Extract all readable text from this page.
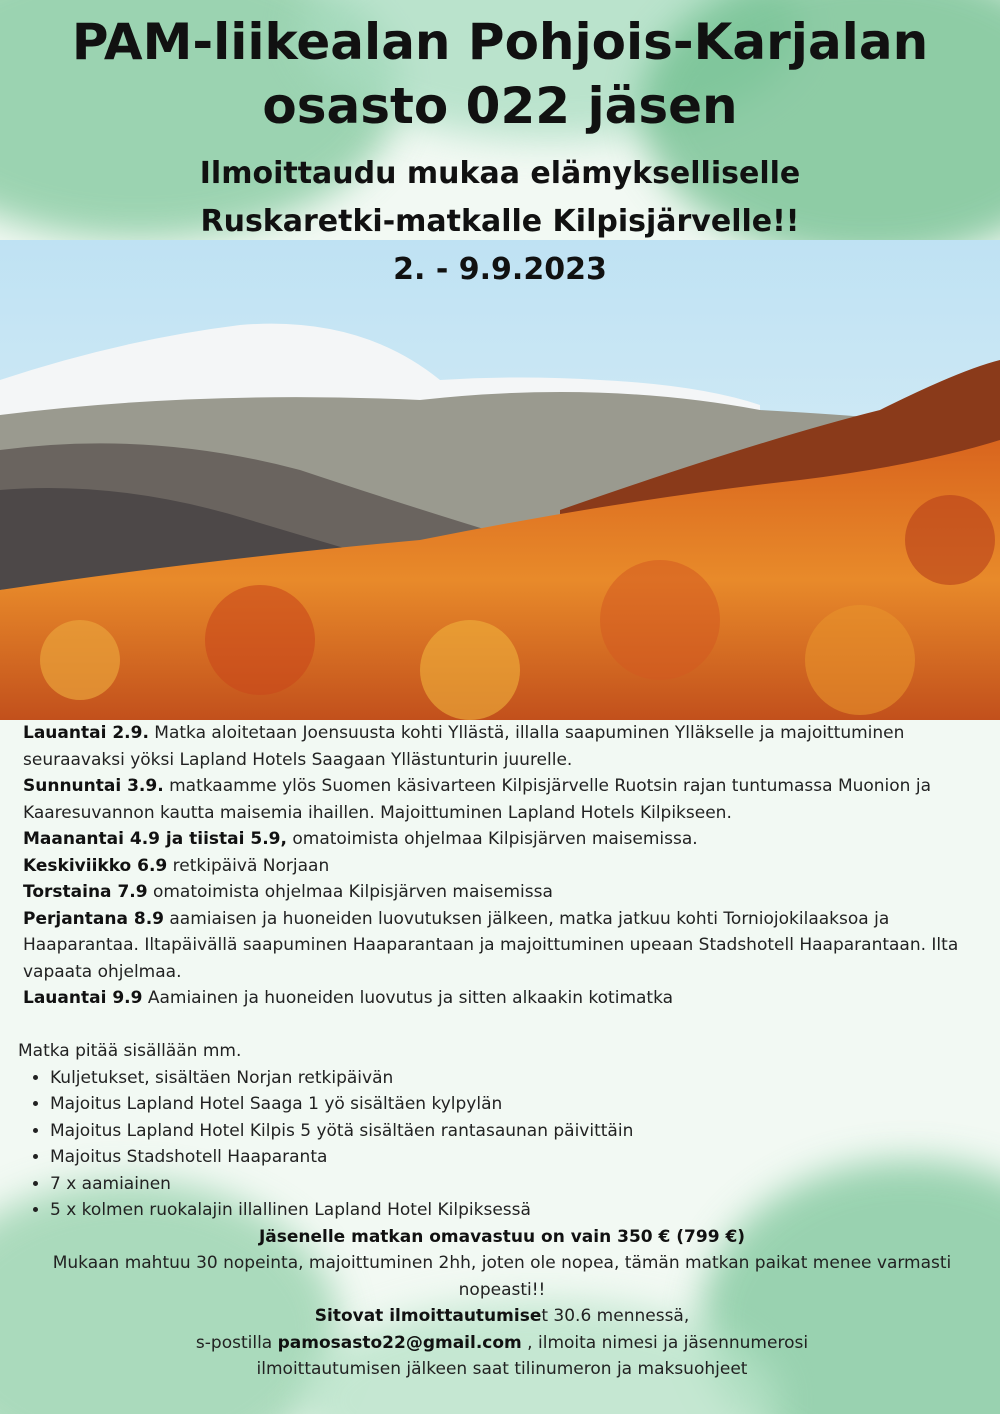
PAM-liikealan Pohjois-Karjalan
osasto 022 jäsen
Ilmoittaudu mukaa elämykselliselle
Ruskaretki-matkalle Kilpisjärvelle!!
2. - 9.9.2023

Lauantai 2.9. Matka aloitetaan Joensuusta kohti Yllästä, illalla saapuminen Ylläkselle ja majoittuminen seuraavaksi yöksi Lapland Hotels Saagaan Yllästunturin juurelle.

Sunnuntai 3.9. matkaamme ylös Suomen käsivarteen Kilpisjärvelle Ruotsin rajan tuntumassa Muonion ja Kaaresuvannon kautta maisemia ihaillen. Majoittuminen Lapland Hotels Kilpikseen.

Maanantai 4.9 ja tiistai 5.9, omatoimista ohjelmaa Kilpisjärven maisemissa.

Keskiviikko 6.9 retkipäivä Norjaan

Torstaina 7.9 omatoimista ohjelmaa Kilpisjärven maisemissa

Perjantana 8.9 aamiaisen ja huoneiden luovutuksen jälkeen, matka jatkuu kohti Torniojokilaaksoa ja Haaparantaa. Iltapäivällä saapuminen Haaparantaan ja majoittuminen upeaan Stadshotell Haaparantaan. Ilta vapaata ohjelmaa.

Lauantai 9.9 Aamiainen ja huoneiden luovutus ja sitten alkaakin kotimatka

Matka pitää sisällään mm.

• Kuljetukset, sisältäen Norjan retkipäivän
• Majoitus Lapland Hotel Saaga 1 yö sisältäen kylpylän
• Majoitus Lapland Hotel Kilpis 5 yötä sisältäen rantasaunan päivittäin
• Majoitus Stadshotell Haaparanta
• 7 x aamiainen
• 5 x kolmen ruokalajin illallinen Lapland Hotel Kilpiksessä

Jäsenelle matkan omavastuu on vain 350 € (799 €)

Mukaan mahtuu 30 nopeinta, majoittuminen 2hh, joten ole nopea, tämän matkan paikat menee varmasti nopeasti!!

Sitovat ilmoittautumiset 30.6 mennessä,

s-postilla pamosasto22@gmail.com , ilmoita nimesi ja jäsennumerosi

ilmoittautumisen jälkeen saat tilinumeron ja maksuohjeet
